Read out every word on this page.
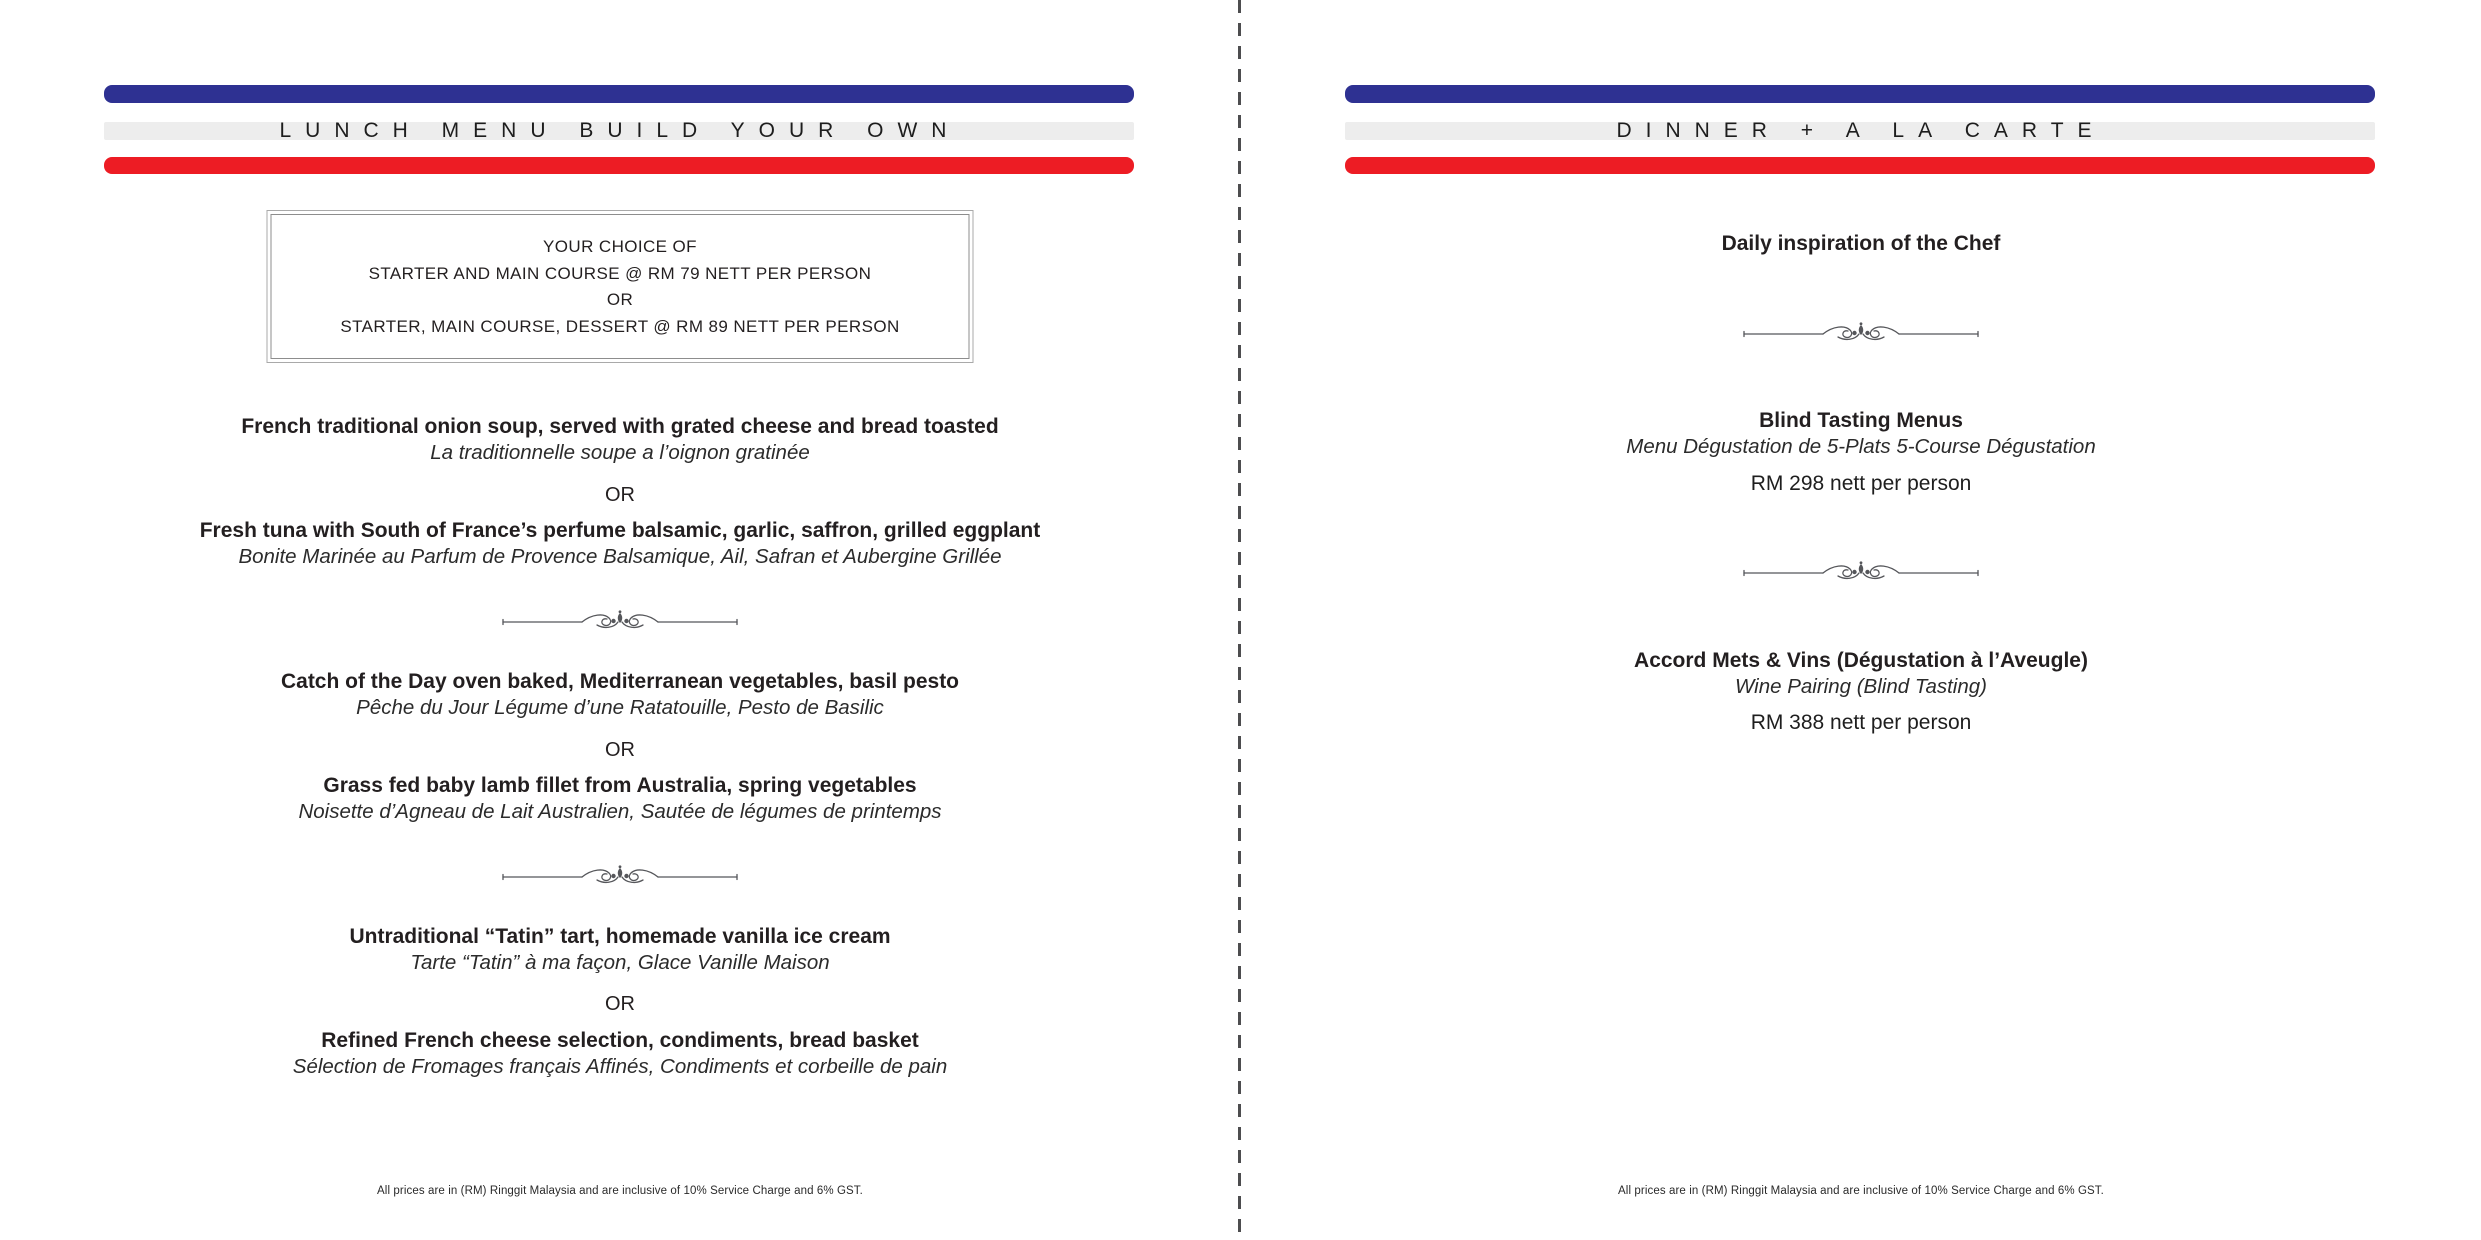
LUNCH MENU BUILD YOUR OWN

YOUR CHOICE OF

STARTER AND MAIN COURSE @ RM 79 NETT PER PERSON

OR

STARTER, MAIN COURSE, DESSERT @ RM 89 NETT PER PERSON

French traditional onion soup, served with grated cheese and bread toasted

La traditionnelle soupe a l’oignon gratinée

OR

Fresh tuna with South of France’s perfume balsamic, garlic, saffron, grilled eggplant

Bonite Marinée au Parfum de Provence Balsamique, Ail, Safran et Aubergine Grillée

Catch of the Day oven baked, Mediterranean vegetables, basil pesto

Pêche du Jour Légume d’une Ratatouille, Pesto de Basilic

OR

Grass fed baby lamb fillet from Australia, spring vegetables

Noisette d’Agneau de Lait Australien, Sautée de légumes de printemps

Untraditional “Tatin” tart, homemade vanilla ice cream

Tarte “Tatin” à ma façon, Glace Vanille Maison

OR

Refined French cheese selection, condiments, bread basket

Sélection de Fromages français Affinés, Condiments et corbeille de pain

All prices are in (RM) Ringgit Malaysia and are inclusive of 10% Service Charge and 6% GST.

DINNER + A LA CARTE

Daily inspiration of the Chef

Blind Tasting Menus

Menu Dégustation de 5-Plats 5-Course Dégustation

RM 298 nett per person

Accord Mets & Vins (Dégustation à l’Aveugle)

Wine Pairing (Blind Tasting)

RM 388 nett per person

All prices are in (RM) Ringgit Malaysia and are inclusive of 10% Service Charge and 6% GST.
